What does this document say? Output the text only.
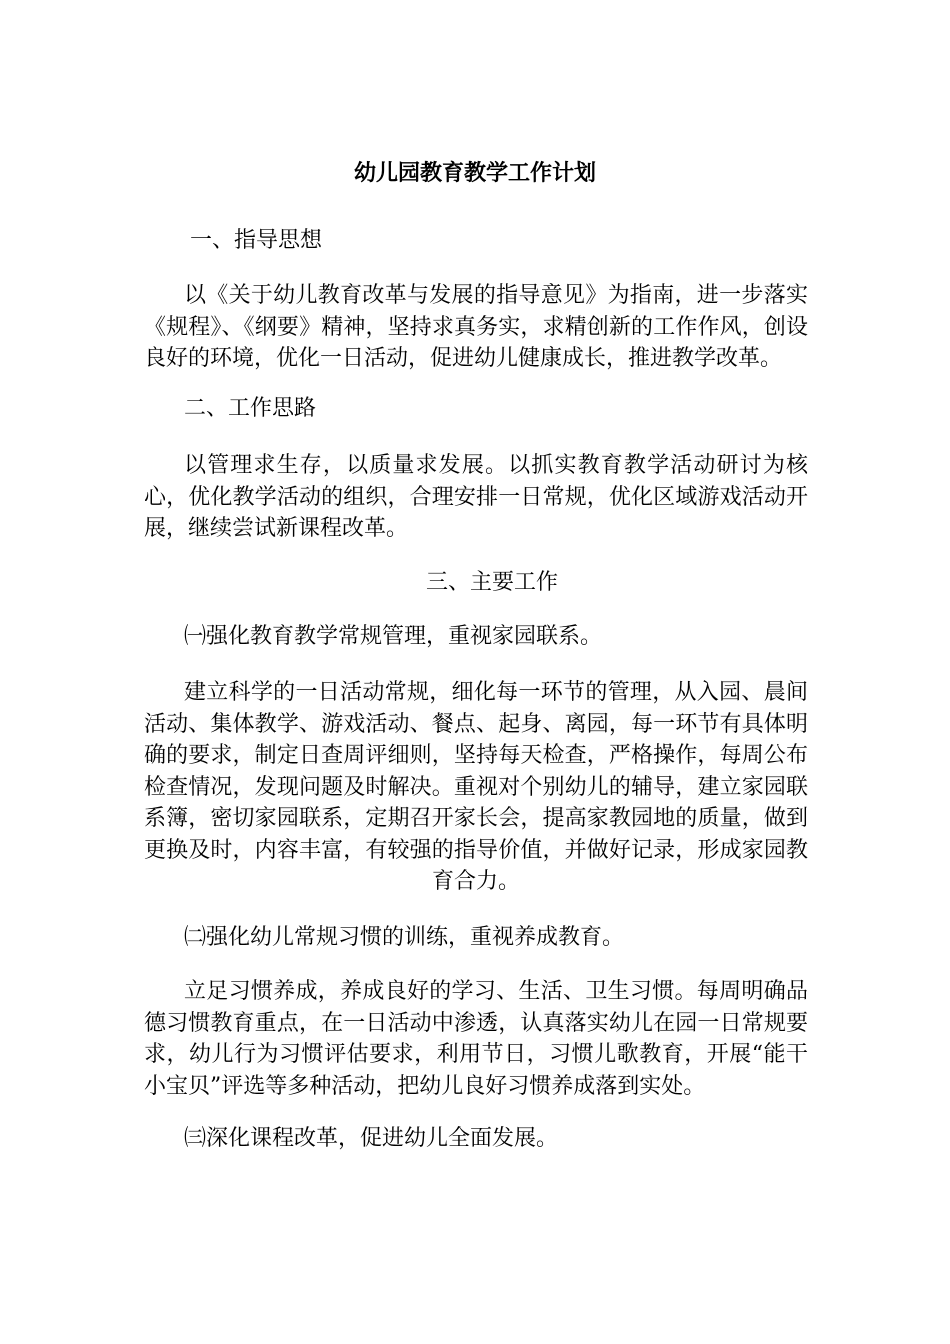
幼儿园教育教学工作计划

一、指导思想

以《关于幼儿教育改革与发展的指导意见》为指南，进一步落实《规程》、《纲要》精神，坚持求真务实，求精创新的工作作风，创设良好的环境，优化一日活动，促进幼儿健康成长，推进教学改革。

二、工作思路

以管理求生存，以质量求发展。以抓实教育教学活动研讨为核心，优化教学活动的组织，合理安排一日常规，优化区域游戏活动开展，继续尝试新课程改革。

三、主要工作

㈠强化教育教学常规管理，重视家园联系。

建立科学的一日活动常规，细化每一环节的管理，从入园、晨间活动、集体教学、游戏活动、餐点、起身、离园，每一环节有具体明确的要求，制定日查周评细则，坚持每天检查，严格操作，每周公布检查情况，发现问题及时解决。重视对个别幼儿的辅导，建立家园联系簿，密切家园联系，定期召开家长会，提高家教园地的质量，做到更换及时，内容丰富，有较强的指导价值，并做好记录，形成家园教育合力。

㈡强化幼儿常规习惯的训练，重视养成教育。

立足习惯养成，养成良好的学习、生活、卫生习惯。每周明确品德习惯教育重点，在一日活动中渗透，认真落实幼儿在园一日常规要求，幼儿行为习惯评估要求，利用节日，习惯儿歌教育，开展“能干小宝贝”评选等多种活动，把幼儿良好习惯养成落到实处。

㈢深化课程改革，促进幼儿全面发展。
